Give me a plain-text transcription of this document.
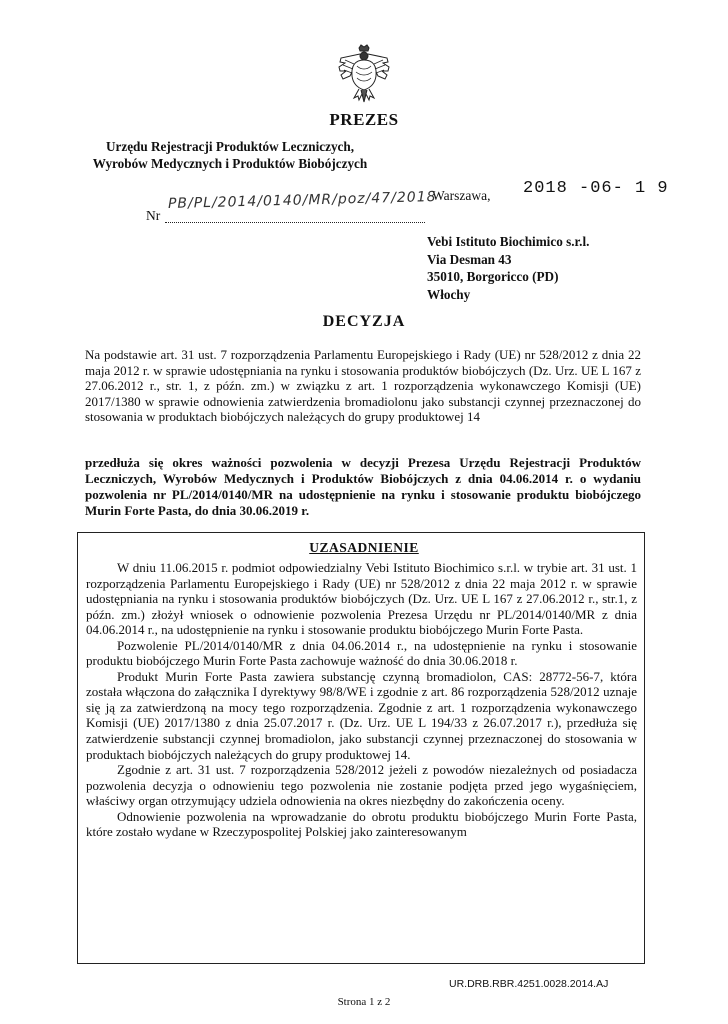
PREZES
Urzędu Rejestracji Produktów Leczniczych,
Wyrobów Medycznych i Produktów Biobójczych
Warszawa, 2018 -06- 1 9
Nr
PB/PL/2014/0140/MR/poz/47/2018
Vebi Istituto Biochimico s.r.l.
Via Desman 43
35010, Borgoricco (PD)
Włochy
DECYZJA
Na podstawie art. 31 ust. 7 rozporządzenia Parlamentu Europejskiego i Rady (UE) nr 528/2012 z dnia 22 maja 2012 r. w sprawie udostępniania na rynku i stosowania produktów biobójczych (Dz. Urz. UE L 167 z 27.06.2012 r., str. 1, z późn. zm.) w związku z art. 1 rozporządzenia wykonawczego Komisji (UE) 2017/1380 w sprawie odnowienia zatwierdzenia bromadiolonu jako substancji czynnej przeznaczonej do stosowania w produktach biobójczych należących do grupy produktowej 14
przedłuża się okres ważności pozwolenia w decyzji Prezesa Urzędu Rejestracji Produktów Leczniczych, Wyrobów Medycznych i Produktów Biobójczych z dnia 04.06.2014 r. o wydaniu pozwolenia nr PL/2014/0140/MR na udostępnienie na rynku i stosowanie produktu biobójczego Murin Forte Pasta, do dnia 30.06.2019 r.
UZASADNIENIE

W dniu 11.06.2015 r. podmiot odpowiedzialny Vebi Istituto Biochimico s.r.l. w trybie art. 31 ust. 1 rozporządzenia Parlamentu Europejskiego i Rady (UE) nr 528/2012 z dnia 22 maja 2012 r. w sprawie udostępniania na rynku i stosowania produktów biobójczych (Dz. Urz. UE L 167 z 27.06.2012 r., str.1, z późn. zm.) złożył wniosek o odnowienie pozwolenia Prezesa Urzędu nr PL/2014/0140/MR z dnia 04.06.2014 r., na udostępnienie na rynku i stosowanie produktu biobójczego Murin Forte Pasta.

Pozwolenie PL/2014/0140/MR z dnia 04.06.2014 r., na udostępnienie na rynku i stosowanie produktu biobójczego Murin Forte Pasta zachowuje ważność do dnia 30.06.2018 r.

Produkt Murin Forte Pasta zawiera substancję czynną bromadiolon, CAS: 28772-56-7, która została włączona do załącznika I dyrektywy 98/8/WE i zgodnie z art. 86 rozporządzenia 528/2012 uznaje się ją za zatwierdzoną na mocy tego rozporządzenia. Zgodnie z art. 1 rozporządzenia wykonawczego Komisji (UE) 2017/1380 z dnia 25.07.2017 r. (Dz. Urz. UE L 194/33 z 26.07.2017 r.), przedłuża się zatwierdzenie substancji czynnej bromadiolon, jako substancji czynnej przeznaczonej do stosowania w produktach biobójczych należących do grupy produktowej 14.

Zgodnie z art. 31 ust. 7 rozporządzenia 528/2012 jeżeli z powodów niezależnych od posiadacza pozwolenia decyzja o odnowieniu tego pozwolenia nie zostanie podjęta przed jego wygaśnięciem, właściwy organ otrzymujący udziela odnowienia na okres niezbędny do zakończenia oceny.

Odnowienie pozwolenia na wprowadzanie do obrotu produktu biobójczego Murin Forte Pasta, które zostało wydane w Rzeczypospolitej Polskiej jako zainteresowanym

UR.DRB.RBR.4251.0028.2014.AJ
Strona 1 z 2
